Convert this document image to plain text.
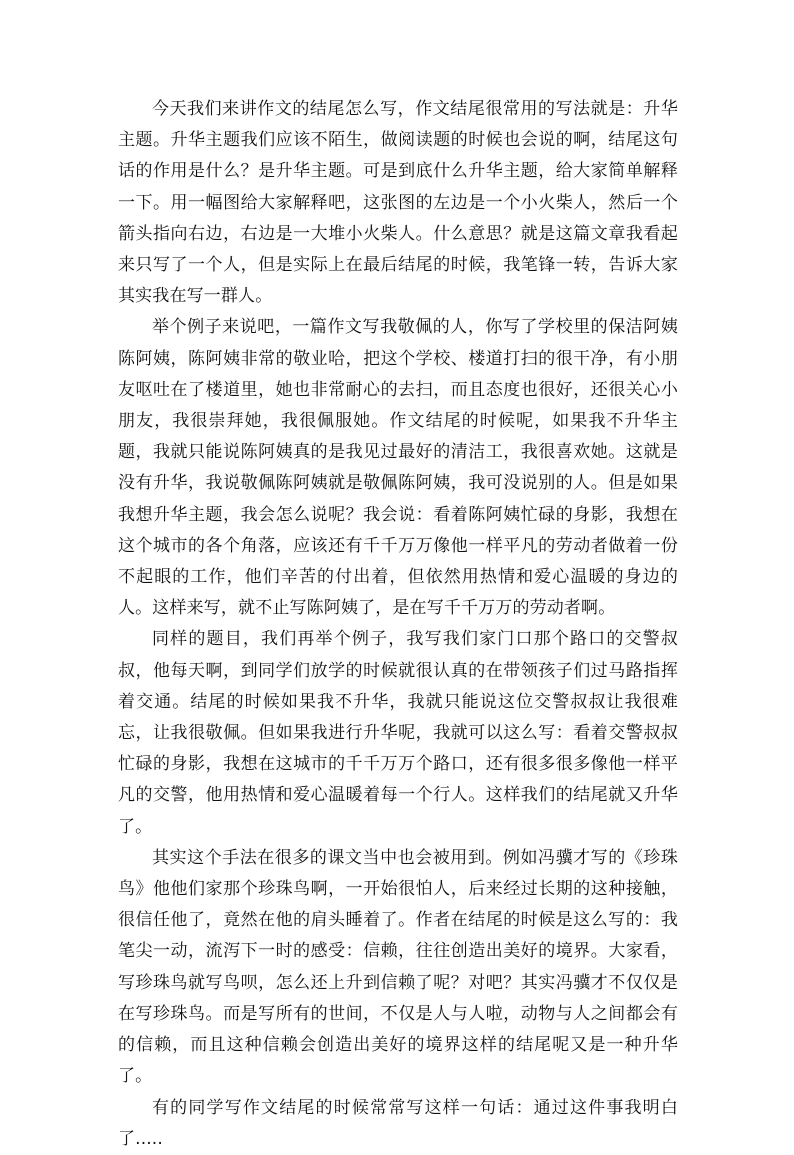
今天我们来讲作文的结尾怎么写，作文结尾很常用的写法就是：升华主题。升华主题我们应该不陌生，做阅读题的时候也会说的啊，结尾这句话的作用是什么？是升华主题。可是到底什么升华主题，给大家简单解释一下。用一幅图给大家解释吧，这张图的左边是一个小火柴人，然后一个箭头指向右边，右边是一大堆小火柴人。什么意思？就是这篇文章我看起来只写了一个人，但是实际上在最后结尾的时候，我笔锋一转，告诉大家其实我在写一群人。

举个例子来说吧，一篇作文写我敬佩的人，你写了学校里的保洁阿姨陈阿姨，陈阿姨非常的敬业哈，把这个学校、楼道打扫的很干净，有小朋友呕吐在了楼道里，她也非常耐心的去扫，而且态度也很好，还很关心小朋友，我很崇拜她，我很佩服她。作文结尾的时候呢，如果我不升华主题，我就只能说陈阿姨真的是我见过最好的清洁工，我很喜欢她。这就是没有升华，我说敬佩陈阿姨就是敬佩陈阿姨，我可没说别的人。但是如果我想升华主题，我会怎么说呢？我会说：看着陈阿姨忙碌的身影，我想在这个城市的各个角落，应该还有千千万万像他一样平凡的劳动者做着一份不起眼的工作，他们辛苦的付出着，但依然用热情和爱心温暖的身边的人。这样来写，就不止写陈阿姨了，是在写千千万万的劳动者啊。

同样的题目，我们再举个例子，我写我们家门口那个路口的交警叔叔，他每天啊，到同学们放学的时候就很认真的在带领孩子们过马路指挥着交通。结尾的时候如果我不升华，我就只能说这位交警叔叔让我很难忘，让我很敬佩。但如果我进行升华呢，我就可以这么写：看着交警叔叔忙碌的身影，我想在这城市的千千万万个路口，还有很多很多像他一样平凡的交警，他用热情和爱心温暖着每一个行人。这样我们的结尾就又升华了。

其实这个手法在很多的课文当中也会被用到。例如冯骥才写的《珍珠鸟》他他们家那个珍珠鸟啊，一开始很怕人，后来经过长期的这种接触，很信任他了，竟然在他的肩头睡着了。作者在结尾的时候是这么写的：我笔尖一动，流泻下一时的感受：信赖，往往创造出美好的境界。大家看，写珍珠鸟就写鸟呗，怎么还上升到信赖了呢？对吧？其实冯骥才不仅仅是在写珍珠鸟。而是写所有的世间，不仅是人与人啦，动物与人之间都会有的信赖，而且这种信赖会创造出美好的境界这样的结尾呢又是一种升华了。

有的同学写作文结尾的时候常常写这样一句话：通过这件事我明白了.....
